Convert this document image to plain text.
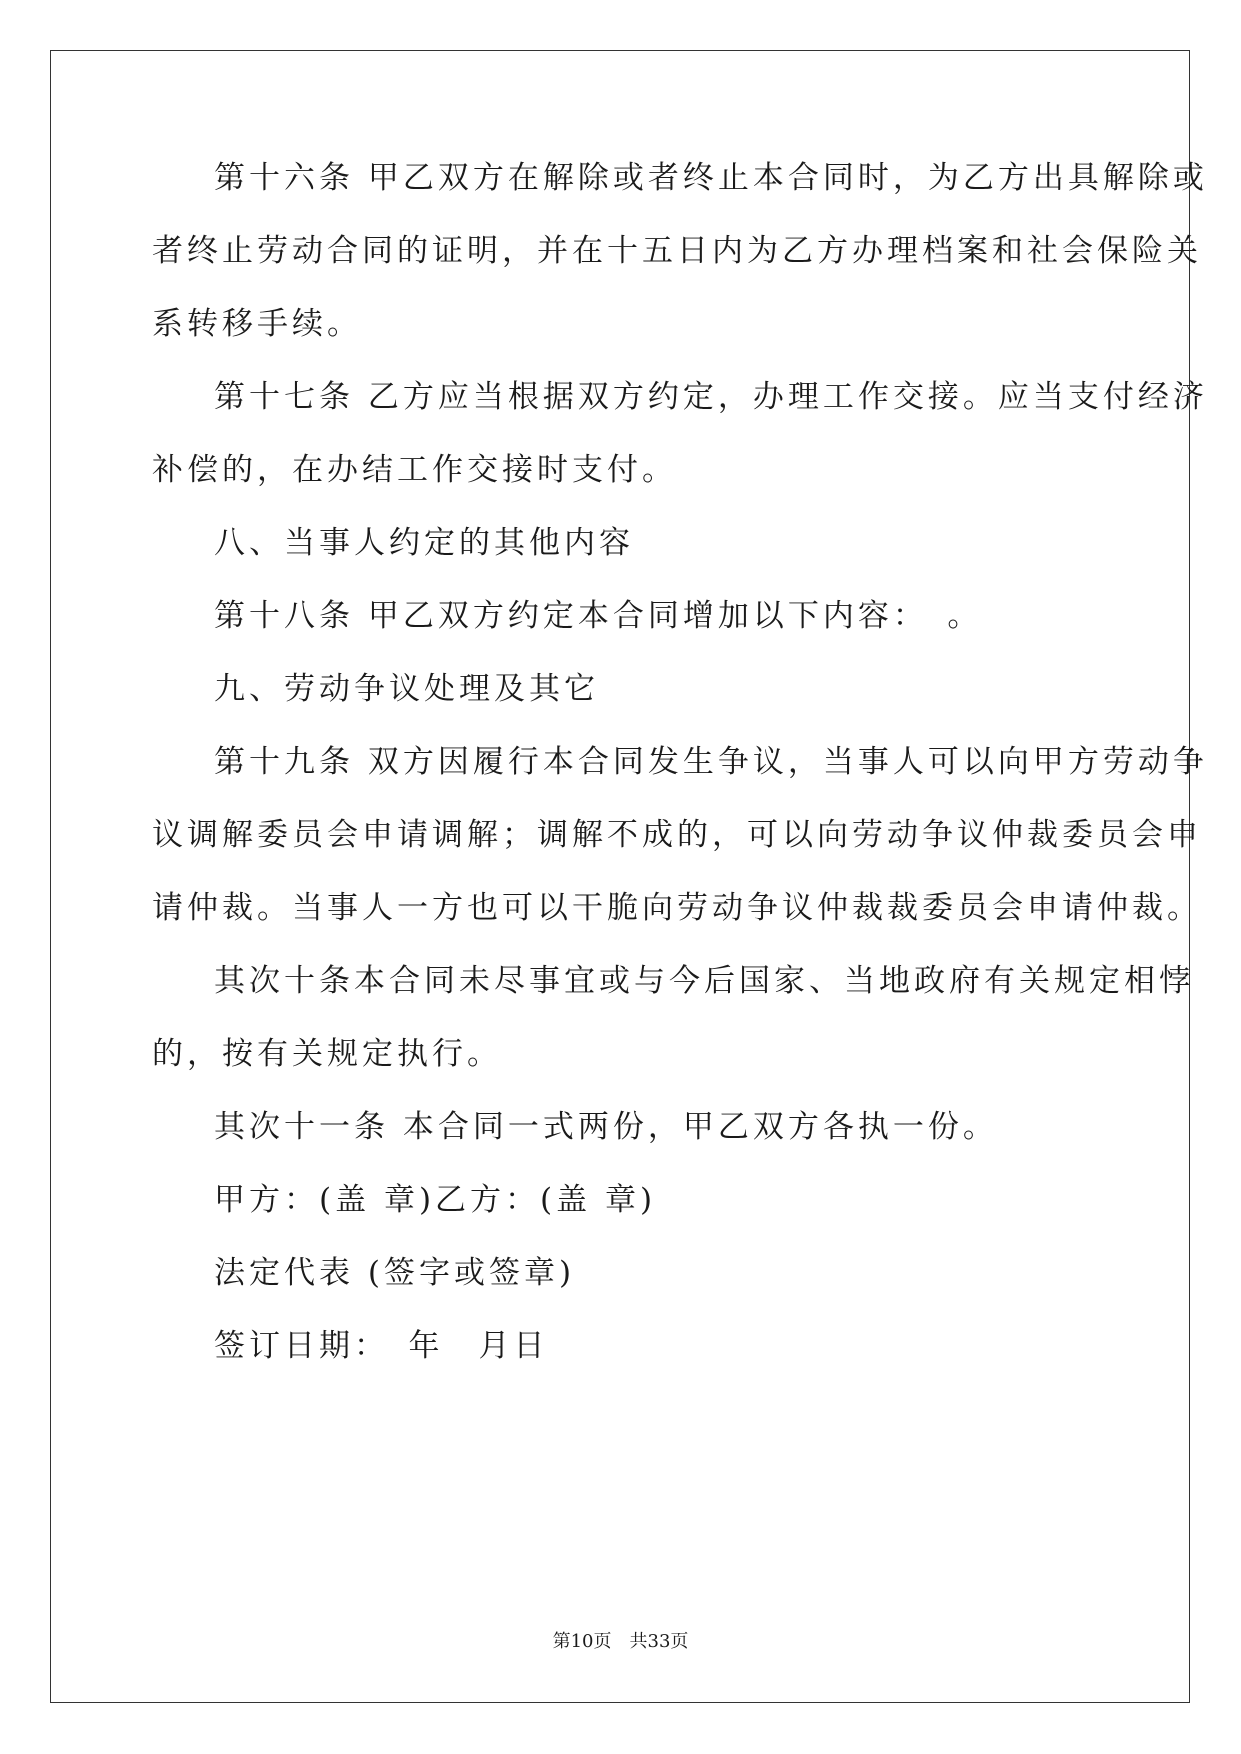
第十六条 甲乙双方在解除或者终止本合同时，为乙方出具解除或
者终止劳动合同的证明，并在十五日内为乙方办理档案和社会保险关
系转移手续。
第十七条 乙方应当根据双方约定，办理工作交接。应当支付经济
补偿的，在办结工作交接时支付。
八、当事人约定的其他内容
第十八条 甲乙双方约定本合同增加以下内容：　。
九、劳动争议处理及其它
第十九条 双方因履行本合同发生争议，当事人可以向甲方劳动争
议调解委员会申请调解；调解不成的，可以向劳动争议仲裁委员会申
请仲裁。当事人一方也可以干脆向劳动争议仲裁裁委员会申请仲裁。
其次十条本合同未尽事宜或与今后国家、当地政府有关规定相悖
的，按有关规定执行。
其次十一条 本合同一式两份，甲乙双方各执一份。
甲方：(盖 章)乙方：(盖 章)
法定代表 (签字或签章)
签订日期：　年　月日
第10页　共33页
